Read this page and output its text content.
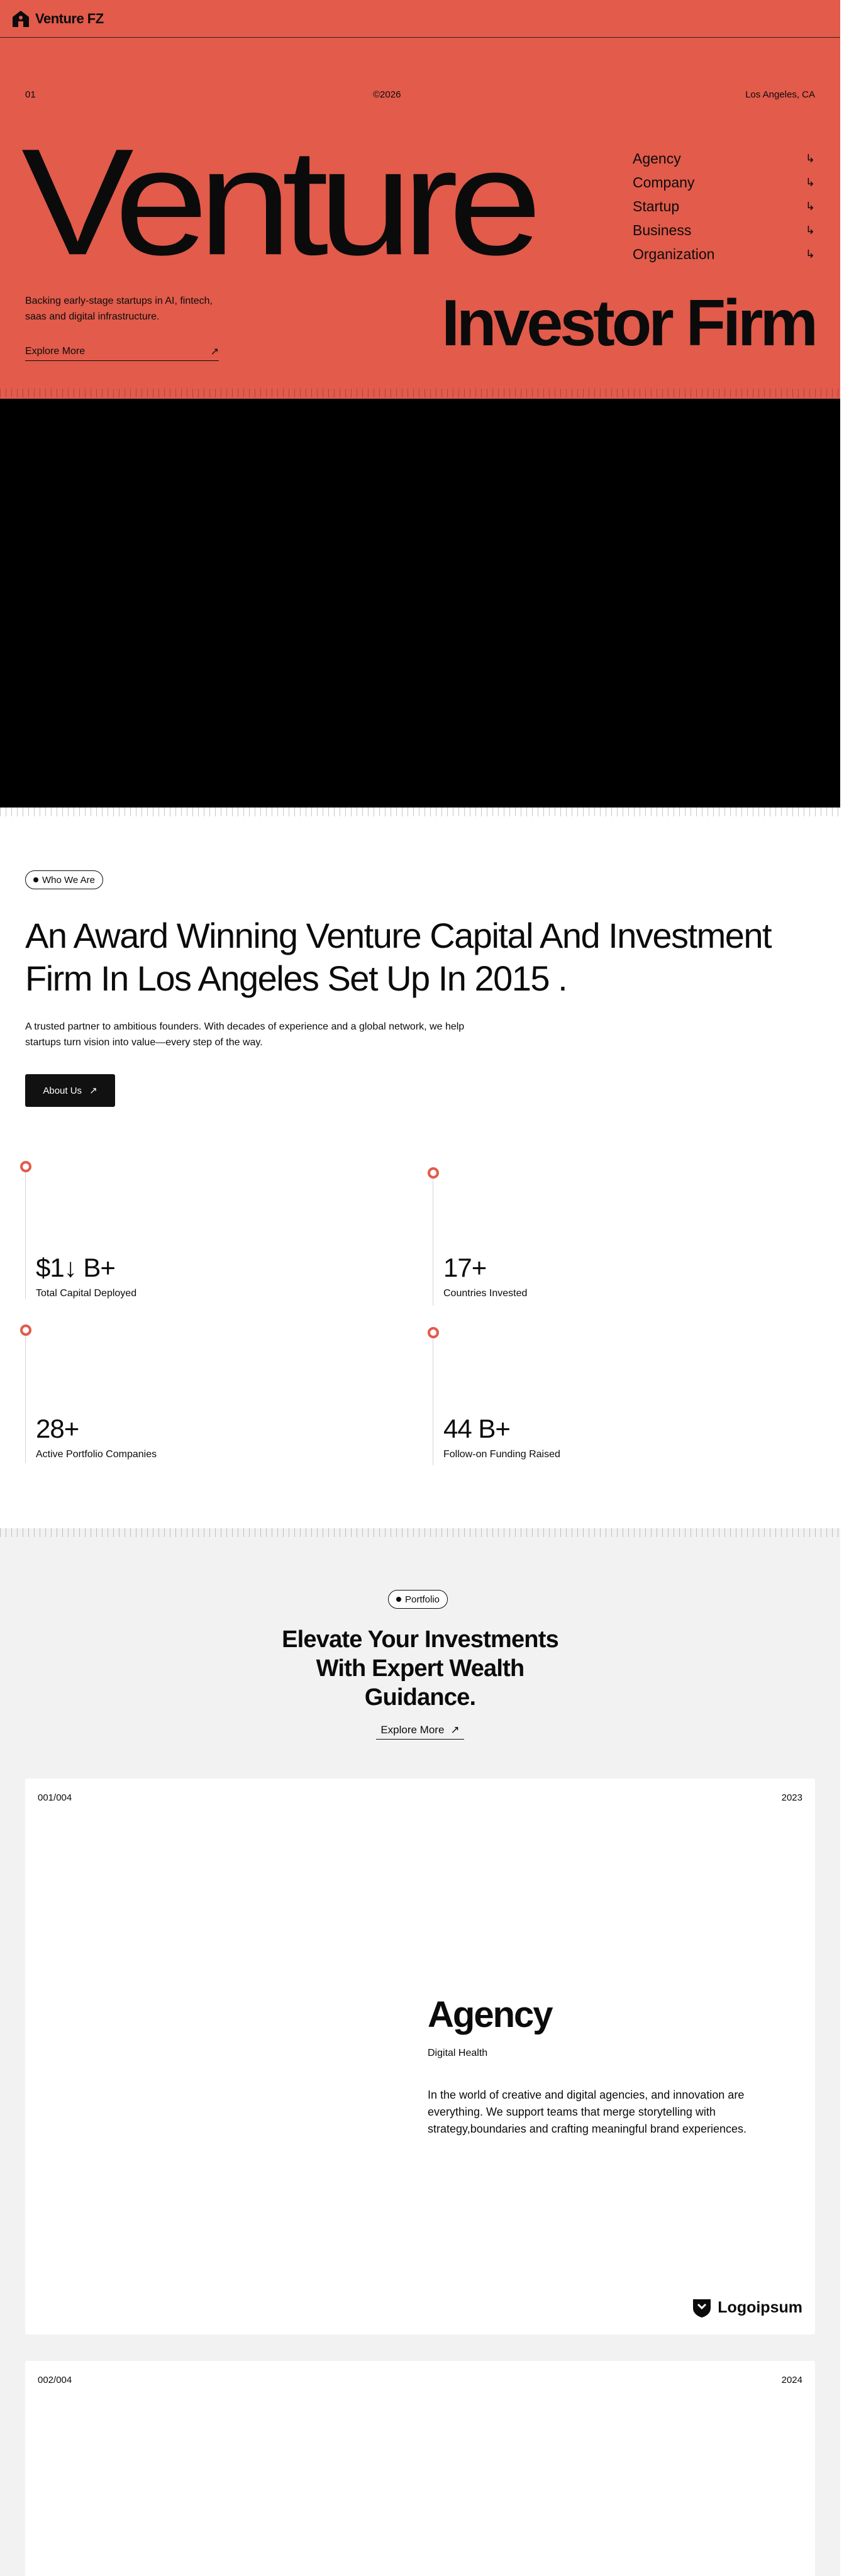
Venture FZ
01	©2026	Los Angeles, CA
Venture	Agency	↳
Company	↳
Startup	↳
Business	↳
Organization	↳

Backing early-stage startups in AI, fintech, saas and digital infrastructure.

Explore More	↗	Investor Firm
Who We Are
An Award Winning Venture Capital And Investment Firm In Los Angeles Set Up In 2015 .

A trusted partner to ambitious founders. With decades of experience and a global network, we help startups turn vision into value—every step of the way.

About Us ↗
$1↓ B+
Total Capital Deployed
17+
Countries Invested
28+
Active Portfolio Companies
44 B+
Follow-on Funding Raised
Portfolio
Elevate Your Investments With Expert Wealth Guidance.
Explore More ↗
001/004	2023
Agency
Digital Health

In the world of creative and digital agencies, and innovation are everything. We support teams that merge storytelling with strategy,boundaries and crafting meaningful brand experiences.

Logoipsum
002/004	2024
